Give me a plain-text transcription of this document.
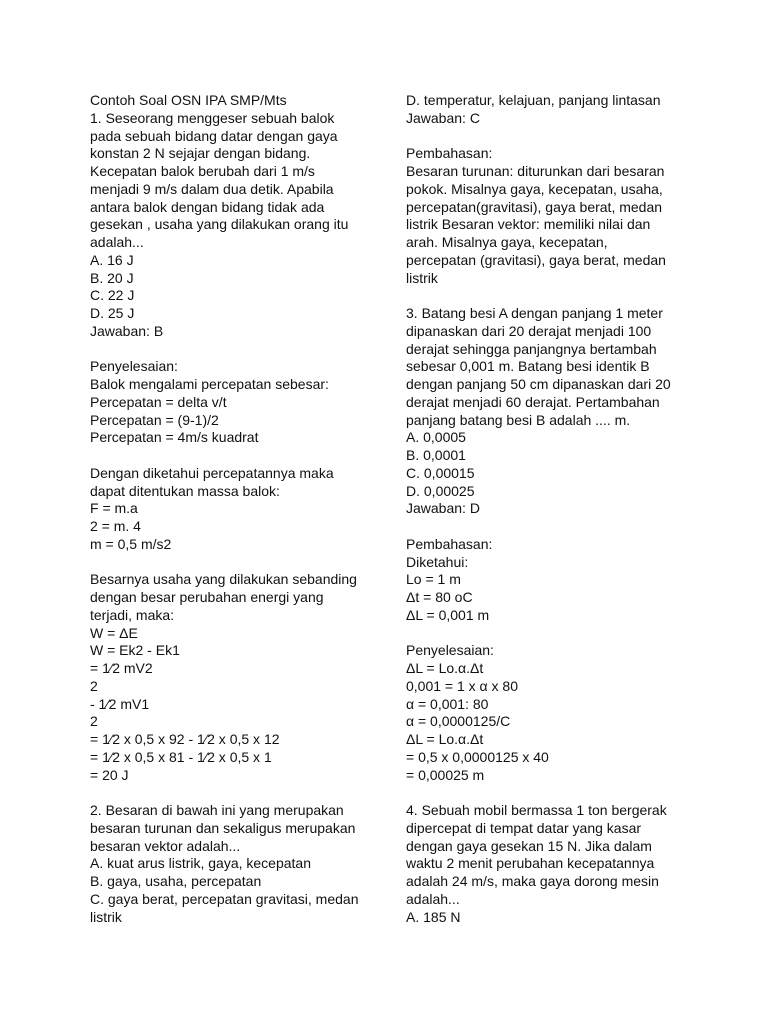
Contoh Soal OSN IPA SMP/Mts
1. Seseorang menggeser sebuah balok
pada sebuah bidang datar dengan gaya
konstan 2 N sejajar dengan bidang.
Kecepatan balok berubah dari 1 m/s
menjadi 9 m/s dalam dua detik. Apabila
antara balok dengan bidang tidak ada
gesekan , usaha yang dilakukan orang itu
adalah...
A. 16 J
B. 20 J
C. 22 J
D. 25 J
Jawaban: B
Penyelesaian:
Balok mengalami percepatan sebesar:
Percepatan = delta v/t
Percepatan = (9-1)/2
Percepatan = 4m/s kuadrat
Dengan diketahui percepatannya maka
dapat ditentukan massa balok:
F = m.a
2 = m. 4
m = 0,5 m/s2
Besarnya usaha yang dilakukan sebanding
dengan besar perubahan energi yang
terjadi, maka:
W = ΔE
W = Ek2 - Ek1
= 1⁄2 mV2
2
- 1⁄2 mV1
2
= 1⁄2 x 0,5 x 92 - 1⁄2 x 0,5 x 12
= 1⁄2 x 0,5 x 81 - 1⁄2 x 0,5 x 1
= 20 J
2. Besaran di bawah ini yang merupakan
besaran turunan dan sekaligus merupakan
besaran vektor adalah...
A. kuat arus listrik, gaya, kecepatan
B. gaya, usaha, percepatan
C. gaya berat, percepatan gravitasi, medan
listrik
D. temperatur, kelajuan, panjang lintasan
Jawaban: C
Pembahasan:
Besaran turunan: diturunkan dari besaran
pokok. Misalnya gaya, kecepatan, usaha,
percepatan(gravitasi), gaya berat, medan
listrik Besaran vektor: memiliki nilai dan
arah. Misalnya gaya, kecepatan,
percepatan (gravitasi), gaya berat, medan
listrik
3. Batang besi A dengan panjang 1 meter
dipanaskan dari 20 derajat menjadi 100
derajat sehingga panjangnya bertambah
sebesar 0,001 m. Batang besi identik B
dengan panjang 50 cm dipanaskan dari 20
derajat menjadi 60 derajat. Pertambahan
panjang batang besi B adalah .... m.
A. 0,0005
B. 0,0001
C. 0,00015
D. 0,00025
Jawaban: D
Pembahasan:
Diketahui:
Lo = 1 m
Δt = 80 oC
ΔL = 0,001 m
Penyelesaian:
ΔL = Lo.α.Δt
0,001 = 1 x α x 80
α = 0,001: 80
α = 0,0000125/C
ΔL = Lo.α.Δt
= 0,5 x 0,0000125 x 40
= 0,00025 m
4. Sebuah mobil bermassa 1 ton bergerak
dipercepat di tempat datar yang kasar
dengan gaya gesekan 15 N. Jika dalam
waktu 2 menit perubahan kecepatannya
adalah 24 m/s, maka gaya dorong mesin
adalah...
A. 185 N
